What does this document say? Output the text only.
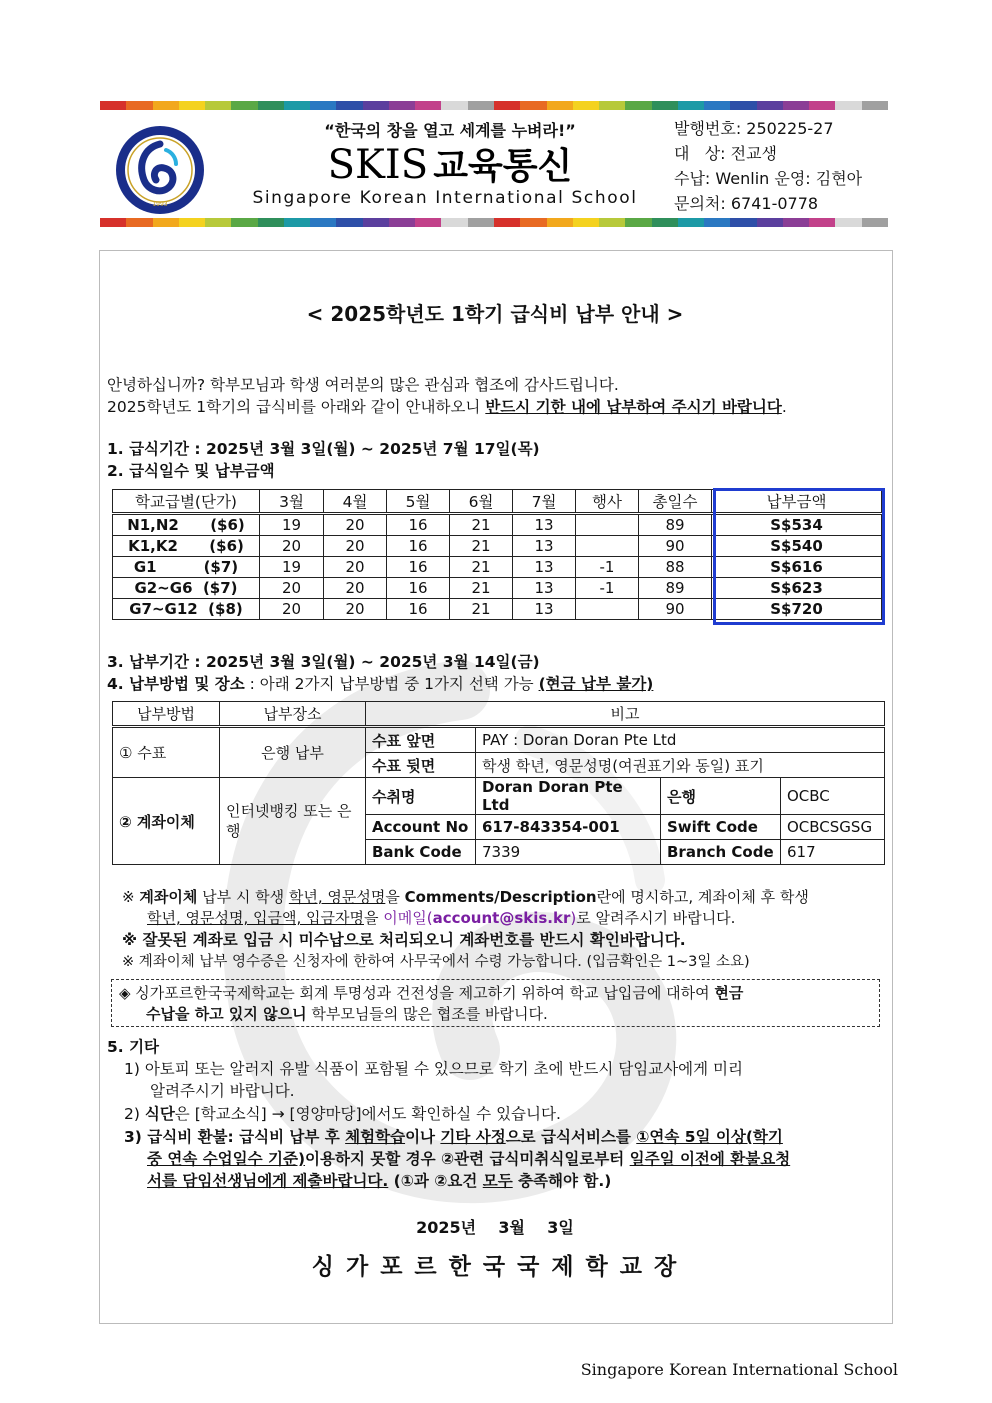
1993
“한국의 창을 열고 세계를 누벼라!”
SKIS 교육통신
Singapore Korean International School
발행번호: 250225-27
대   상: 전교생
수납: Wenlin 운영: 김현아
문의처: 6741-0778
< 2025학년도 1학기 급식비 납부 안내 >
안녕하십니까? 학부모님과 학생 여러분의 많은 관심과 협조에 감사드립니다.
2025학년도 1학기의 급식비를 아래와 같이 안내하오니 반드시 기한 내에 납부하여 주시기 바랍니다.
1. 급식기간 : 2025년 3월 3일(월) ~ 2025년 7월 17일(목)
2. 급식일수 및 납부금액
학교급별(단가)	3월	4월	5월	6월	7월	행사	총일수	납부금액
N1,N2      ($6)	19	20	16	21	13		89	S$534
K1,K2      ($6)	20	20	16	21	13		90	S$540
G1         ($7)	19	20	16	21	13	-1	88	S$616
G2~G6  ($7)	20	20	16	21	13	-1	89	S$623
G7~G12  ($8)	20	20	16	21	13		90	S$720
3. 납부기간 : 2025년 3월 3일(월) ~ 2025년 3월 14일(금)
4. 납부방법 및 장소 : 아래 2가지 납부방법 중 1가지 선택 가능 (현금 납부 불가)
납부방법	납부장소	비고			
① 수표	은행 납부	수표 앞면	PAY : Doran Doran Pte Ltd		
		수표 뒷면	학생 학년, 영문성명(여권표기와 동일) 표기		
② 계좌이체	인터넷뱅킹 또는 은행	수취명	Doran Doran Pte Ltd	은행	OCBC
		Account No	617-843354-001	Swift Code	OCBCSGSG
		Bank Code	7339	Branch Code	617
※ 계좌이체 납부 시 학생 학년, 영문성명을 Comments/Description란에 명시하고, 계좌이체 후 학생
학년, 영문성명, 입금액, 입금자명을 이메일(account@skis.kr)로 알려주시기 바랍니다.
※ 잘못된 계좌로 입금 시 미수납으로 처리되오니 계좌번호를 반드시 확인바랍니다.
※ 계좌이체 납부 영수증은 신청자에 한하여 사무국에서 수령 가능합니다. (입금확인은 1~3일 소요)
◈ 싱가포르한국국제학교는 회계 투명성과 건전성을 제고하기 위하여 학교 납입금에 대하여 현금
수납을 하고 있지 않으니 학부모님들의 많은 협조를 바랍니다.
5. 기타
1) 아토피 또는 알러지 유발 식품이 포함될 수 있으므로 학기 초에 반드시 담임교사에게 미리
알려주시기 바랍니다.
2) 식단은 [학교소식] → [영양마당]에서도 확인하실 수 있습니다.
3) 급식비 환불: 급식비 납부 후 체험학습이나 기타 사정으로 급식서비스를 ①연속 5일 이상(학기
중 연속 수업일수 기준)이용하지 못할 경우 ②관련 급식미취식일로부터 일주일 이전에 환불요청
서를 담임선생님에게 제출바랍니다. (①과 ②요건 모두 충족해야 함.)
2025년    3월    3일
싱 가 포 르 한 국 국 제 학 교 장
Singapore Korean International School
